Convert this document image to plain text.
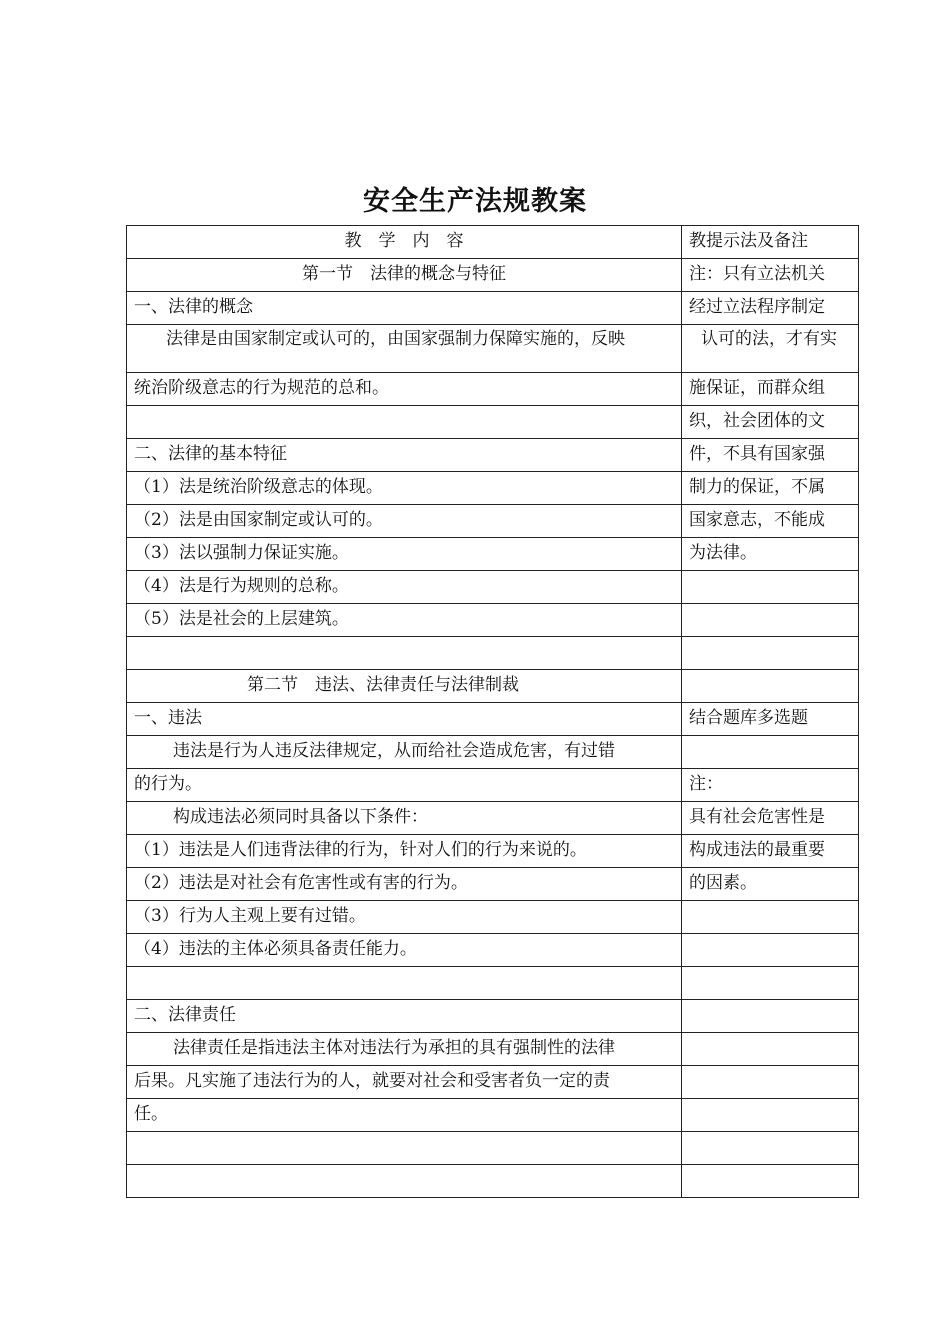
安全生产法规教案
教　学　内　容	教提示法及备注
第一节　法律的概念与特征	注：只有立法机关
一、法律的概念	经过立法程序制定
法律是由国家制定或认可的，由国家强制力保障实施的，反映	认可的法，才有实
统治阶级意志的行为规范的总和。	施保证，而群众组
	织，社会团体的文
二、法律的基本特征	件，不具有国家强
（1）法是统治阶级意志的体现。	制力的保证，不属
（2）法是由国家制定或认可的。	国家意志，不能成
（3）法以强制力保证实施。	为法律。
（4）法是行为规则的总称。	
（5）法是社会的上层建筑。	

第二节　违法、法律责任与法律制裁	
一、违法	结合题库多选题
违法是行为人违反法律规定，从而给社会造成危害，有过错	
的行为。	注：
构成违法必须同时具备以下条件：	具有社会危害性是
（1）违法是人们违背法律的行为，针对人们的行为来说的。	构成违法的最重要
（2）违法是对社会有危害性或有害的行为。	的因素。
（3）行为人主观上要有过错。	
（4）违法的主体必须具备责任能力。	

二、法律责任	
法律责任是指违法主体对违法行为承担的具有强制性的法律	
后果。凡实施了违法行为的人，就要对社会和受害者负一定的责	
任。	
